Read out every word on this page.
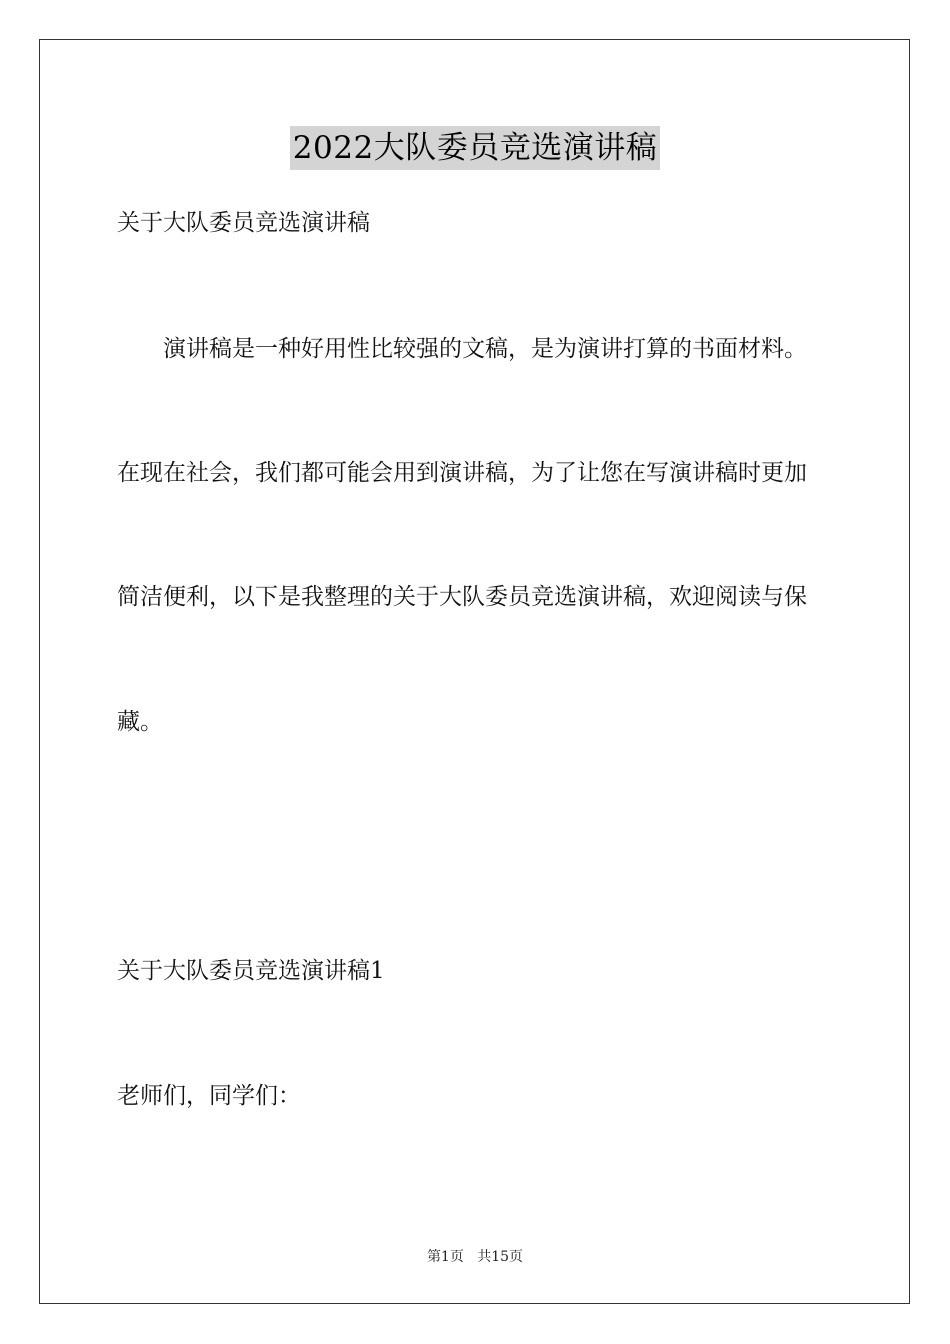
2022大队委员竞选演讲稿
关于大队委员竞选演讲稿
演讲稿是一种好用性比较强的文稿，是为演讲打算的书面材料。
在现在社会，我们都可能会用到演讲稿，为了让您在写演讲稿时更加
简洁便利，以下是我整理的关于大队委员竞选演讲稿，欢迎阅读与保
藏。
关于大队委员竞选演讲稿1
老师们，同学们：
第1页 共15页
